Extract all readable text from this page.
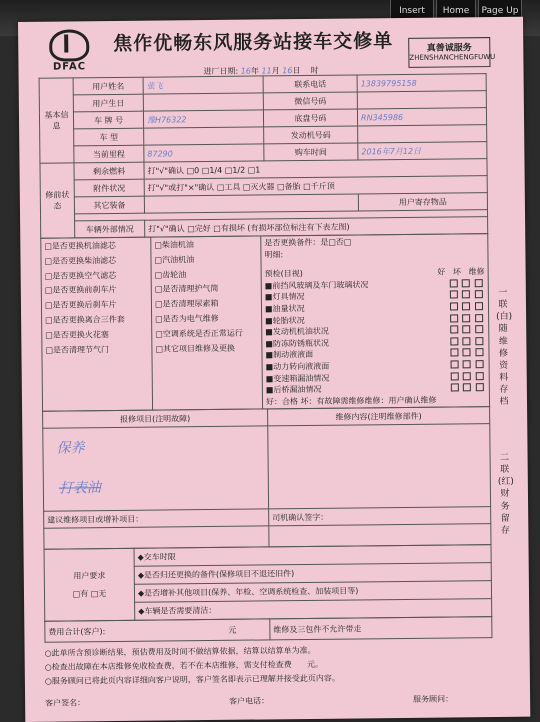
Insert	Home	Page Up
DFAC
焦作优畅东风服务站接车交修单	真善诚服务
ZHENSHANCHENGFUWU
进厂日期: 16年 11月 16日 时
基本信息	用户姓名	张飞	联系电话	13839795158
	用户生日		微信号码	
	车 牌 号	豫H76322	底盘号码	RN345986
	车 型		发动机号码	
	当前里程	87290	购车时间	2016年7月12日
修前状态	剩余燃料	打"√"确认 □0 □1/4 □1/2 □1		
	附件状况	打"√"或打"×"确认 □工具 □灭火器 □备胎 □千斤顶		
	其它装备			用户寄存物品

	车辆外部情况	打"√"确认 □完好 □有损坏 (有损坏部位标注有下表左图)		
□是否更换机油滤芯
□是否更换柴油滤芯
□是否更换空气滤芯
□是否更换前刹车片
□是否更换后刹车片
□是否更换离合三件套
□是否更换火花塞
□是否清理节气门

□柴油机油
□汽油机油
□齿轮油
□是否清理护气筒
□是否清理尿素箱
□是否为电气维修
□空调系统是否正常运行
□其它项目维修及更换

是否更换备件：是□否□
明细:
预检(目视)	好 坏 维修
■前挡风玻璃及车门玻璃状况

■灯具情况

■油量状况

■轮胎状况

■发动机机油状况

■防冻防锈瓶状况

■制动液液面

■动力转向液液面

■变速箱漏油情况

■后桥漏油情况

好：合格 坏：有故障需维修维修：用户确认维修
报修项目(注明故障)	维修内容(注明维修部件)

保养
打表油	

建议维修项目或增补项目：	司机确认签字：

用户要求
□有 □无
	◆交车时限
◆是否归还更换的备件(保修项目不退还旧件)
◆是否增补其他项目(保养、年检、空调系统检查、加装项目等)
◆车辆是否需要清洁：
费用合计(客户):	元	维修及三包件不允许带走
○此单所含预诊断结果，预估费用及时间不做结算依据，结算以结算单为准。
○检查出故障在本店维修免收检查费，若不在本店维修，需支付检查费 元。
○服务顾问已将此页内容详细向客户说明，客户签名即表示已理解并接受此页内容。
客户签名：	客户电话：	服务顾问：
一联(白)随维修资料存档
二联(红)财务留存
